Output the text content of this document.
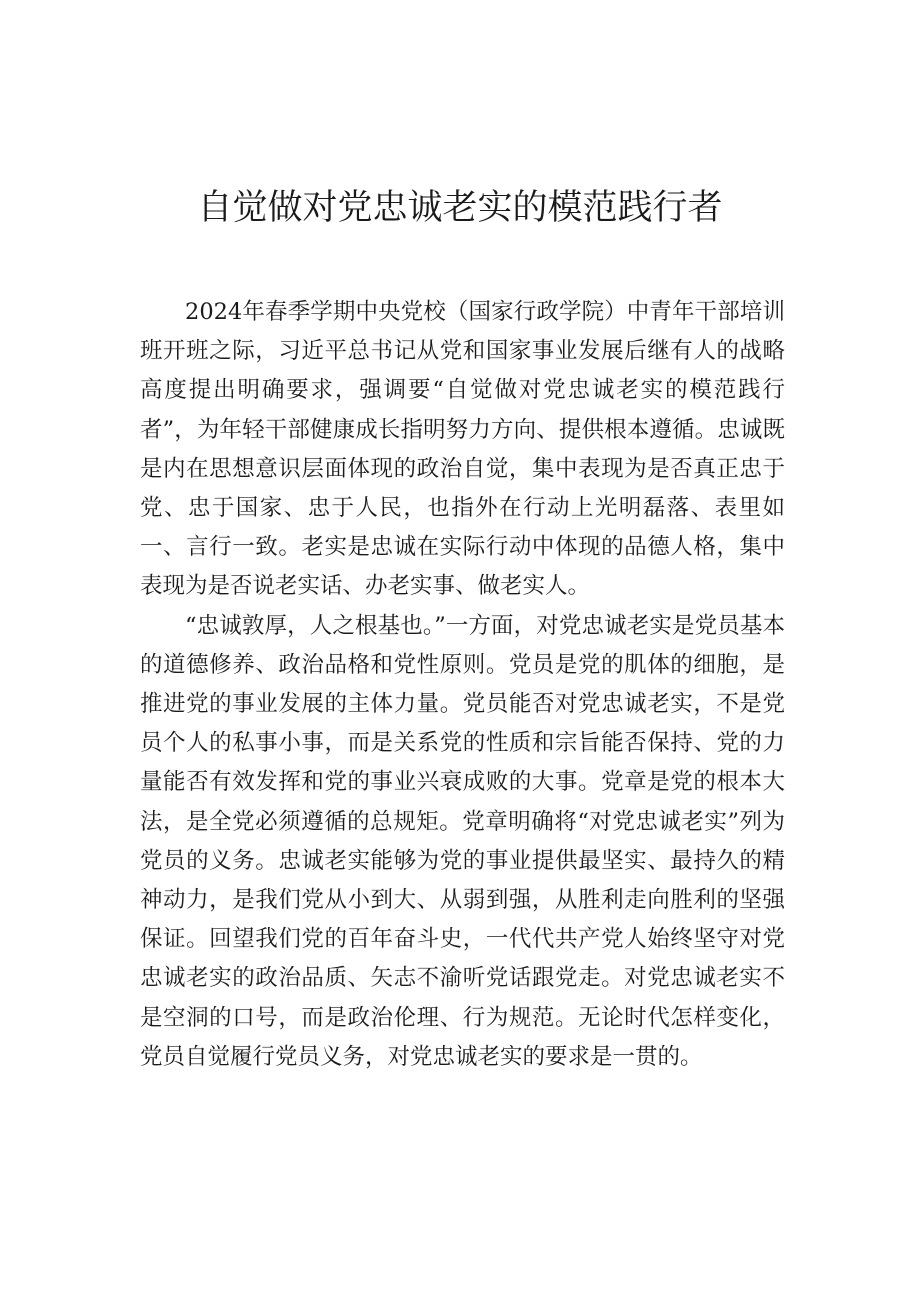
自觉做对党忠诚老实的模范践行者

2024年春季学期中央党校（国家行政学院）中青年干部培训班开班之际，习近平总书记从党和国家事业发展后继有人的战略高度提出明确要求，强调要“自觉做对党忠诚老实的模范践行者”，为年轻干部健康成长指明努力方向、提供根本遵循。忠诚既是内在思想意识层面体现的政治自觉，集中表现为是否真正忠于党、忠于国家、忠于人民，也指外在行动上光明磊落、表里如一、言行一致。老实是忠诚在实际行动中体现的品德人格，集中表现为是否说老实话、办老实事、做老实人。

“忠诚敦厚，人之根基也。”一方面，对党忠诚老实是党员基本的道德修养、政治品格和党性原则。党员是党的肌体的细胞，是推进党的事业发展的主体力量。党员能否对党忠诚老实，不是党员个人的私事小事，而是关系党的性质和宗旨能否保持、党的力量能否有效发挥和党的事业兴衰成败的大事。党章是党的根本大法，是全党必须遵循的总规矩。党章明确将“对党忠诚老实”列为党员的义务。忠诚老实能够为党的事业提供最坚实、最持久的精神动力，是我们党从小到大、从弱到强，从胜利走向胜利的坚强保证。回望我们党的百年奋斗史，一代代共产党人始终坚守对党忠诚老实的政治品质、矢志不渝听党话跟党走。对党忠诚老实不是空洞的口号，而是政治伦理、行为规范。无论时代怎样变化，党员自觉履行党员义务，对党忠诚老实的要求是一贯的。
